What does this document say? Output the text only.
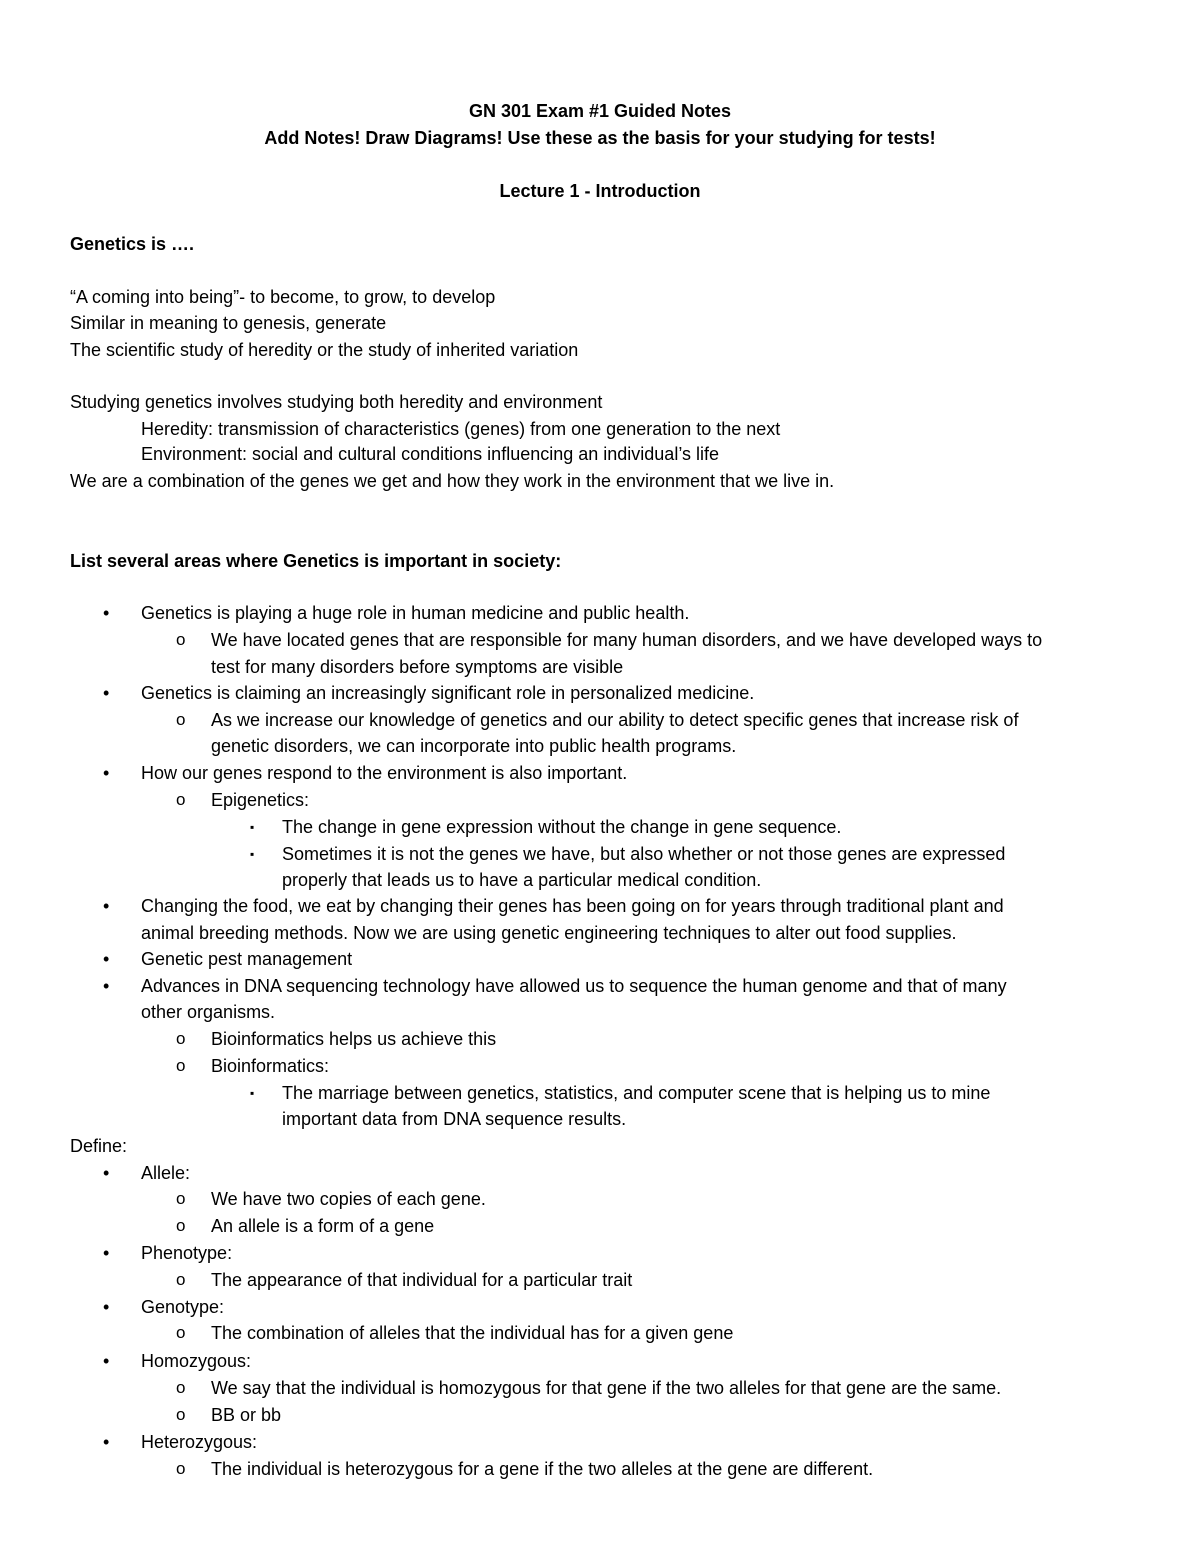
GN 301 Exam #1 Guided Notes
Add Notes! Draw Diagrams! Use these as the basis for your studying for tests!
Lecture 1 - Introduction
Genetics is ….
“A coming into being”- to become, to grow, to develop
Similar in meaning to genesis, generate
The scientific study of heredity or the study of inherited variation
Studying genetics involves studying both heredity and environment
Heredity: transmission of characteristics (genes) from one generation to the next
Environment: social and cultural conditions influencing an individual’s life
We are a combination of the genes we get and how they work in the environment that we live in.
List several areas where Genetics is important in society:
• Genetics is playing a huge role in human medicine and public health.
o We have located genes that are responsible for many human disorders, and we have developed ways to
test for many disorders before symptoms are visible
• Genetics is claiming an increasingly significant role in personalized medicine.
o As we increase our knowledge of genetics and our ability to detect specific genes that increase risk of
genetic disorders, we can incorporate into public health programs.
• How our genes respond to the environment is also important.
o Epigenetics:
▪ The change in gene expression without the change in gene sequence.
▪ Sometimes it is not the genes we have, but also whether or not those genes are expressed
properly that leads us to have a particular medical condition.
• Changing the food, we eat by changing their genes has been going on for years through traditional plant and
animal breeding methods. Now we are using genetic engineering techniques to alter out food supplies.
• Genetic pest management
• Advances in DNA sequencing technology have allowed us to sequence the human genome and that of many
other organisms.
o Bioinformatics helps us achieve this
o Bioinformatics:
▪ The marriage between genetics, statistics, and computer scene that is helping us to mine
important data from DNA sequence results.
Define:
• Allele:
o We have two copies of each gene.
o An allele is a form of a gene
• Phenotype:
o The appearance of that individual for a particular trait
• Genotype:
o The combination of alleles that the individual has for a given gene
• Homozygous:
o We say that the individual is homozygous for that gene if the two alleles for that gene are the same.
o BB or bb
• Heterozygous:
o The individual is heterozygous for a gene if the two alleles at the gene are different.
